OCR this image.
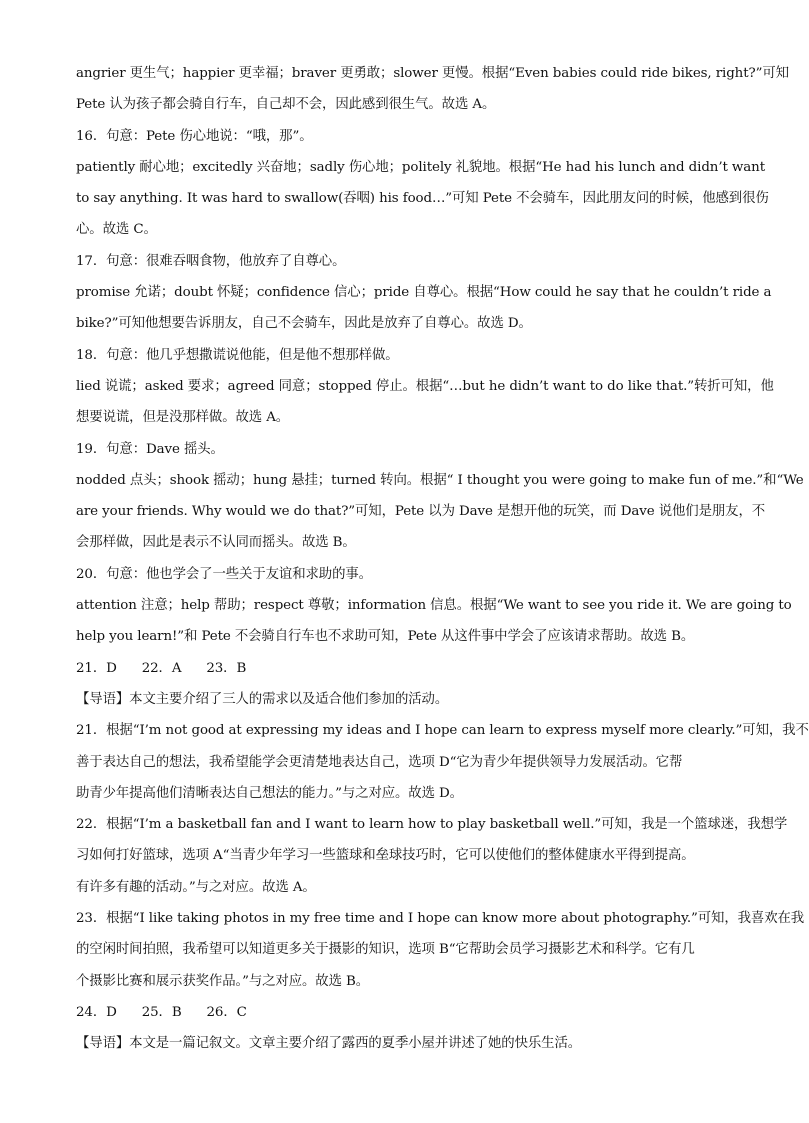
angrier 更生气；happier 更幸福；braver 更勇敢；slower 更慢。根据“Even babies could ride bikes, right?”可知
Pete 认为孩子都会骑自行车，自己却不会，因此感到很生气。故选 A。
16．句意：Pete 伤心地说：“哦，那”。
patiently 耐心地；excitedly 兴奋地；sadly 伤心地；politely 礼貌地。根据“He had his lunch and didn’t want
to say anything. It was hard to swallow(吞咽) his food…”可知 Pete 不会骑车，因此朋友问的时候，他感到很伤
心。故选 C。
17．句意：很难吞咽食物，他放弃了自尊心。
promise 允诺；doubt 怀疑；confidence 信心；pride 自尊心。根据“How could he say that he couldn’t ride a
bike?”可知他想要告诉朋友，自己不会骑车，因此是放弃了自尊心。故选 D。
18．句意：他几乎想撒谎说他能，但是他不想那样做。
lied 说谎；asked 要求；agreed 同意；stopped 停止。根据“…but he didn’t want to do like that.”转折可知，他
想要说谎，但是没那样做。故选 A。
19．句意：Dave 摇头。
nodded 点头；shook 摇动；hung 悬挂；turned 转向。根据“ I thought you were going to make fun of me.”和“We
are your friends. Why would we do that?”可知，Pete 以为 Dave 是想开他的玩笑，而 Dave 说他们是朋友，不
会那样做，因此是表示不认同而摇头。故选 B。
20．句意：他也学会了一些关于友谊和求助的事。
attention 注意；help 帮助；respect 尊敬；information 信息。根据“We want to see you ride it. We are going to
help you learn!”和 Pete 不会骑自行车也不求助可知，Pete 从这件事中学会了应该请求帮助。故选 B。
21．D      22．A      23．B
【导语】本文主要介绍了三人的需求以及适合他们参加的活动。
21．根据“I’m not good at expressing my ideas and I hope can learn to express myself more clearly.”可知，我不
善于表达自己的想法，我希望能学会更清楚地表达自己，选项 D“它为青少年提供领导力发展活动。它帮
助青少年提高他们清晰表达自己想法的能力。”与之对应。故选 D。
22．根据“I’m a basketball fan and I want to learn how to play basketball well.”可知，我是一个篮球迷，我想学
习如何打好篮球，选项 A“当青少年学习一些篮球和垒球技巧时，它可以使他们的整体健康水平得到提高。
有许多有趣的活动。”与之对应。故选 A。
23．根据“I like taking photos in my free time and I hope can know more about photography.”可知，我喜欢在我
的空闲时间拍照，我希望可以知道更多关于摄影的知识，选项 B“它帮助会员学习摄影艺术和科学。它有几
个摄影比赛和展示获奖作品。”与之对应。故选 B。
24．D      25．B      26．C
【导语】本文是一篇记叙文。文章主要介绍了露西的夏季小屋并讲述了她的快乐生活。
